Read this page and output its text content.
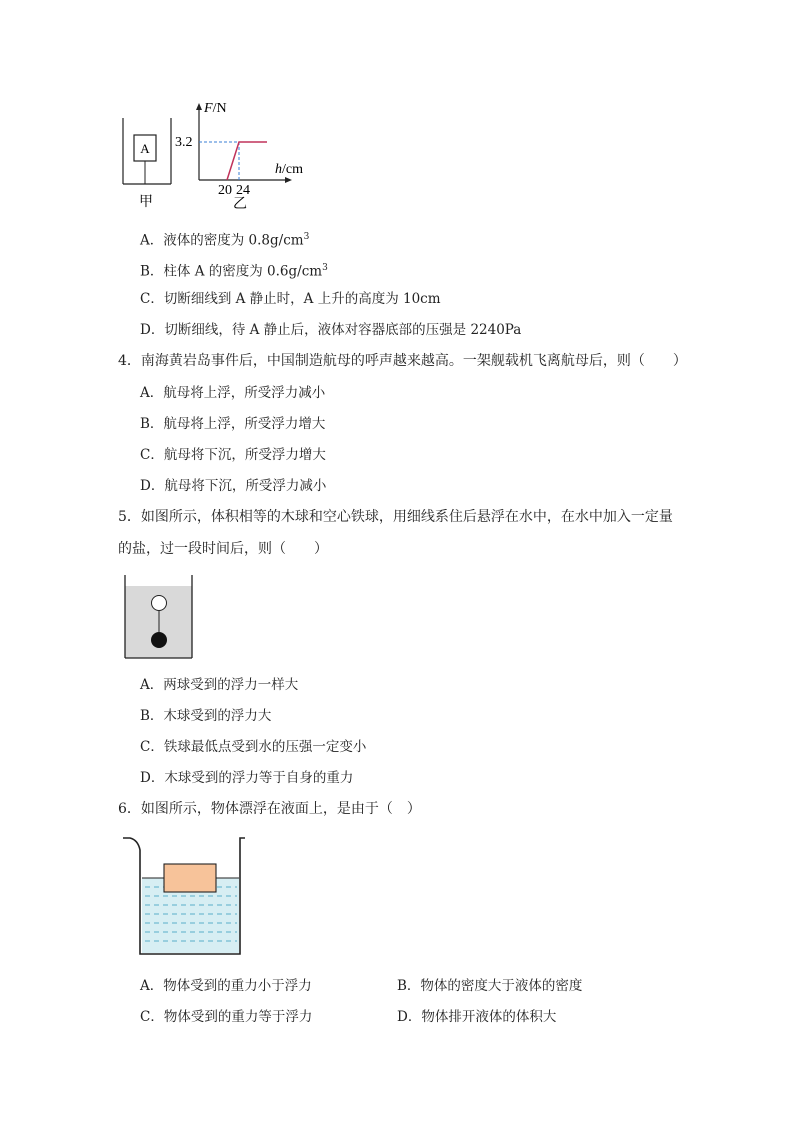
A
甲
F/N
h/cm
3.2
20 24
乙
A．液体的密度为 $0.8g/cm^3$
B．柱体 A 的密度为 $0.6g/cm^3$
C．切断细线到 A 静止时，A 上升的高度为 10cm
D．切断细线，待 A 静止后，液体对容器底部的压强是 2240Pa
4．南海黄岩岛事件后，中国制造航母的呼声越来越高。一架舰载机飞离航母后，则（　　）
A．航母将上浮，所受浮力减小
B．航母将上浮，所受浮力增大
C．航母将下沉，所受浮力增大
D．航母将下沉，所受浮力减小
5．如图所示，体积相等的木球和空心铁球，用细线系住后悬浮在水中，在水中加入一定量
的盐，过一段时间后，则（　　）
A．两球受到的浮力一样大
B．木球受到的浮力大
C．铁球最低点受到水的压强一定变小
D．木球受到的浮力等于自身的重力
6．如图所示，物体漂浮在液面上，是由于（　）
A．物体受到的重力小于浮力	B．物体的密度大于液体的密度
C．物体受到的重力等于浮力	D．物体排开液体的体积大
